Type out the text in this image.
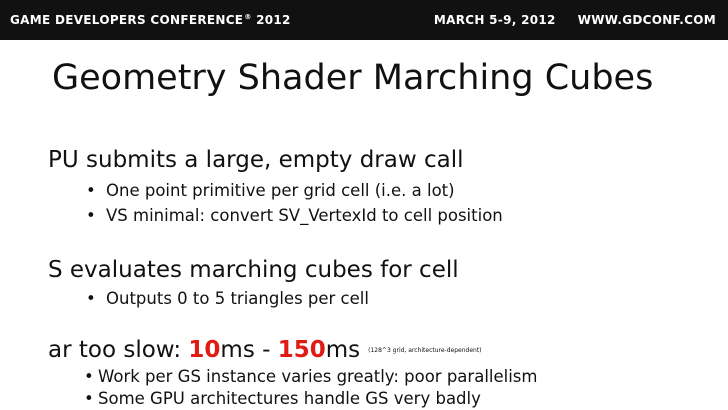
GAME DEVELOPERS CONFERENCE® 2012	MARCH 5-9, 2012 WWW.GDCONF.COM
Geometry Shader Marching Cubes
PU submits a large, empty draw call
• One point primitive per grid cell (i.e. a lot)
• VS minimal: convert SV_VertexId to cell position
S evaluates marching cubes for cell
• Outputs 0 to 5 triangles per cell
ar too slow: 10ms - 150ms (128^3 grid, architecture-dependent)
• Work per GS instance varies greatly: poor parallelism
• Some GPU architectures handle GS very badly
